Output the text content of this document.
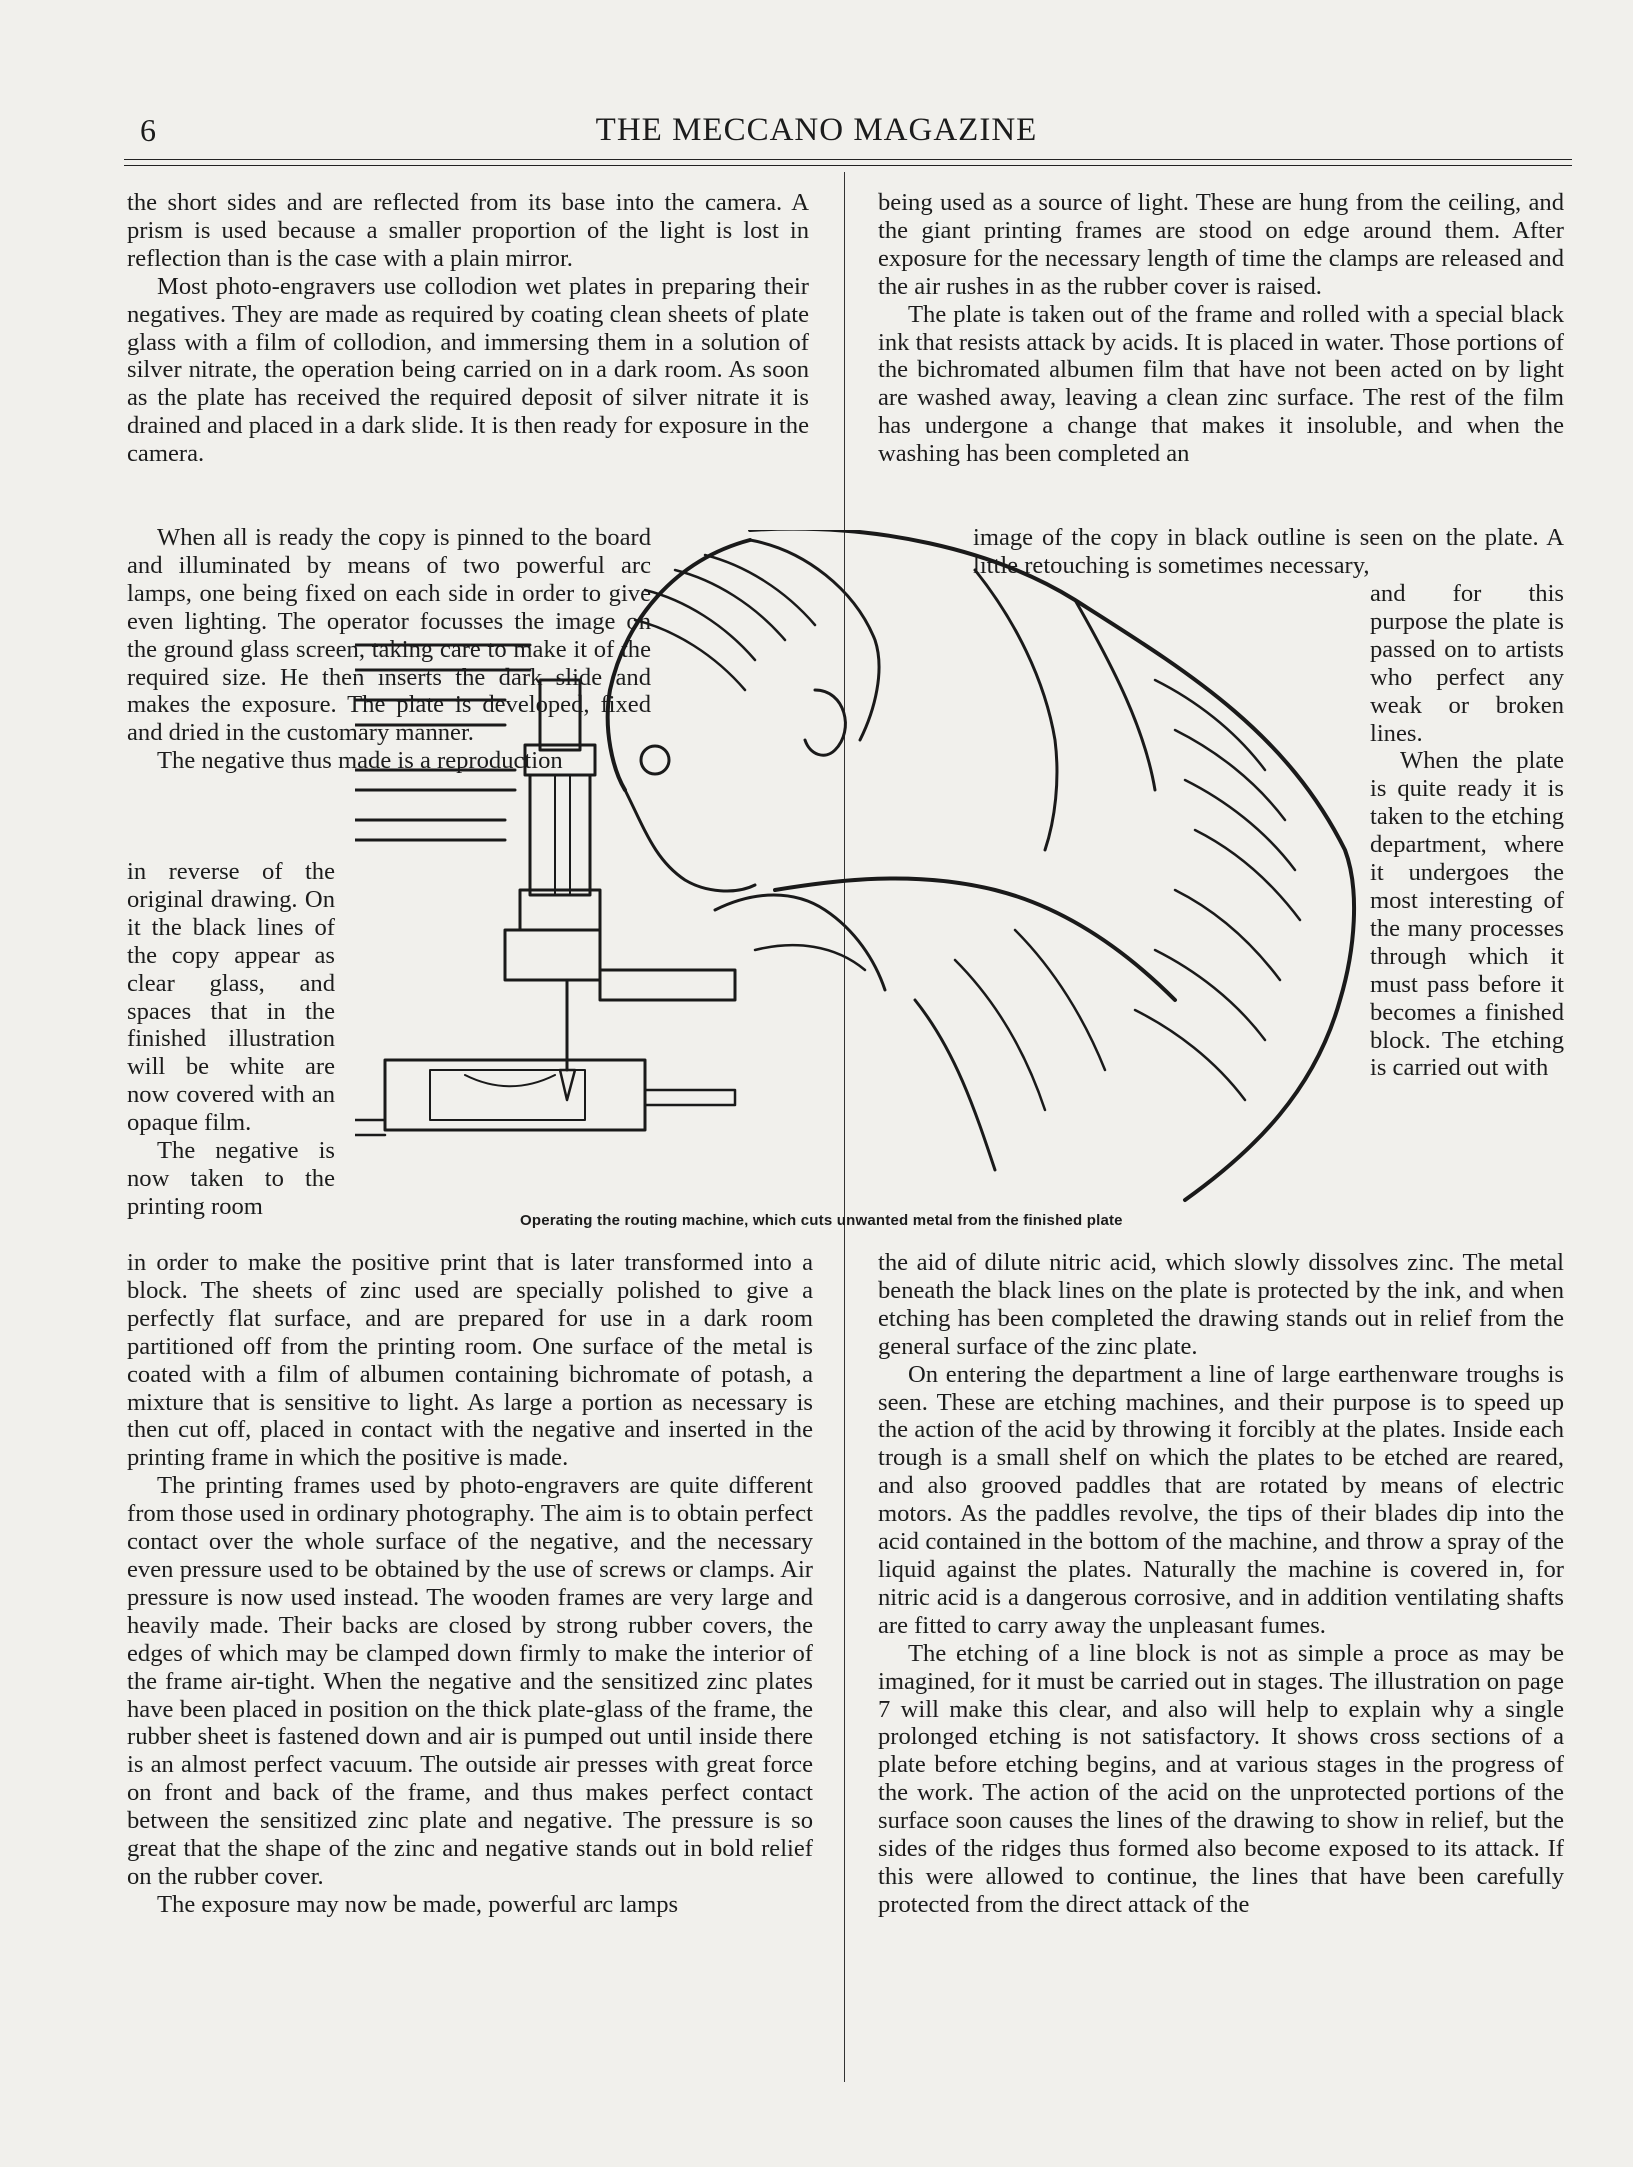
6	THE MECCANO MAGAZINE

the short sides and are reflected from its base into the camera. A prism is used because a smaller proportion of the light is lost in reflection than is the case with a plain mirror.

Most photo-engravers use collodion wet plates in preparing their negatives. They are made as required by coating clean sheets of plate glass with a film of collodion, and immersing them in a solution of silver nitrate, the operation being carried on in a dark room. As soon as the plate has received the required deposit of silver nitrate it is drained and placed in a dark slide. It is then ready for exposure in the camera.

When all is ready the copy is pinned to the board and illuminated by means of two powerful arc lamps, one being fixed on each side in order to give even lighting. The operator focusses the image on the ground glass screen, taking care to make it of the required size. He then inserts the dark slide and makes the exposure. The plate is developed, fixed and dried in the customary manner.

The negative thus made is a reproduction

in reverse of the original drawing. On it the black lines of the copy appear as clear glass, and spaces that in the finished illustration will be white are now covered with an opaque film.

The negative is now taken to the printing room

in order to make the positive print that is later transformed into a block. The sheets of zinc used are specially polished to give a perfectly flat surface, and are prepared for use in a dark room partitioned off from the printing room. One surface of the metal is coated with a film of albumen containing bichromate of potash, a mixture that is sensitive to light. As large a portion as necessary is then cut off, placed in contact with the negative and inserted in the printing frame in which the positive is made.

The printing frames used by photo-engravers are quite different from those used in ordinary photography. The aim is to obtain perfect contact over the whole surface of the negative, and the necessary even pressure used to be obtained by the use of screws or clamps. Air pressure is now used instead. The wooden frames are very large and heavily made. Their backs are closed by strong rubber covers, the edges of which may be clamped down firmly to make the interior of the frame air-tight. When the negative and the sensitized zinc plates have been placed in position on the thick plate-glass of the frame, the rubber sheet is fastened down and air is pumped out until inside there is an almost perfect vacuum. The outside air presses with great force on front and back of the frame, and thus makes perfect contact between the sensitized zinc plate and negative. The pressure is so great that the shape of the zinc and negative stands out in bold relief on the rubber cover.

The exposure may now be made, powerful arc lamps

being used as a source of light. These are hung from the ceiling, and the giant printing frames are stood on edge around them. After exposure for the necessary length of time the clamps are released and the air rushes in as the rubber cover is raised.

The plate is taken out of the frame and rolled with a special black ink that resists attack by acids. It is placed in water. Those portions of the bichromated albumen film that have not been acted on by light are washed away, leaving a clean zinc surface. The rest of the film has undergone a change that makes it insoluble, and when the washing has been completed an

image of the copy in black outline is seen on the plate. A little retouching is sometimes necessary,

and for this purpose the plate is passed on to artists who perfect any weak or broken lines.

When the plate is quite ready it is taken to the etching department, where it undergoes the most interesting of the many processes through which it must pass before it becomes a finished block. The etching is carried out with

the aid of dilute nitric acid, which slowly dissolves zinc. The metal beneath the black lines on the plate is protected by the ink, and when etching has been completed the drawing stands out in relief from the general surface of the zinc plate.

On entering the department a line of large earthenware troughs is seen. These are etching machines, and their purpose is to speed up the action of the acid by throwing it forcibly at the plates. Inside each trough is a small shelf on which the plates to be etched are reared, and also grooved paddles that are rotated by means of electric motors. As the paddles revolve, the tips of their blades dip into the acid contained in the bottom of the machine, and throw a spray of the liquid against the plates. Naturally the machine is covered in, for nitric acid is a dangerous corrosive, and in addition ventilating shafts are fitted to carry away the unpleasant fumes.

The etching of a line block is not as simple a proce as may be imagined, for it must be carried out in stages. The illustration on page 7 will make this clear, and also will help to explain why a single prolonged etching is not satisfactory. It shows cross sections of a plate before etching begins, and at various stages in the progress of the work. The action of the acid on the unprotected portions of the surface soon causes the lines of the drawing to show in relief, but the sides of the ridges thus formed also become exposed to its attack. If this were allowed to continue, the lines that have been carefully protected from the direct attack of the

Operating the routing machine, which cuts unwanted metal from the finished plate
